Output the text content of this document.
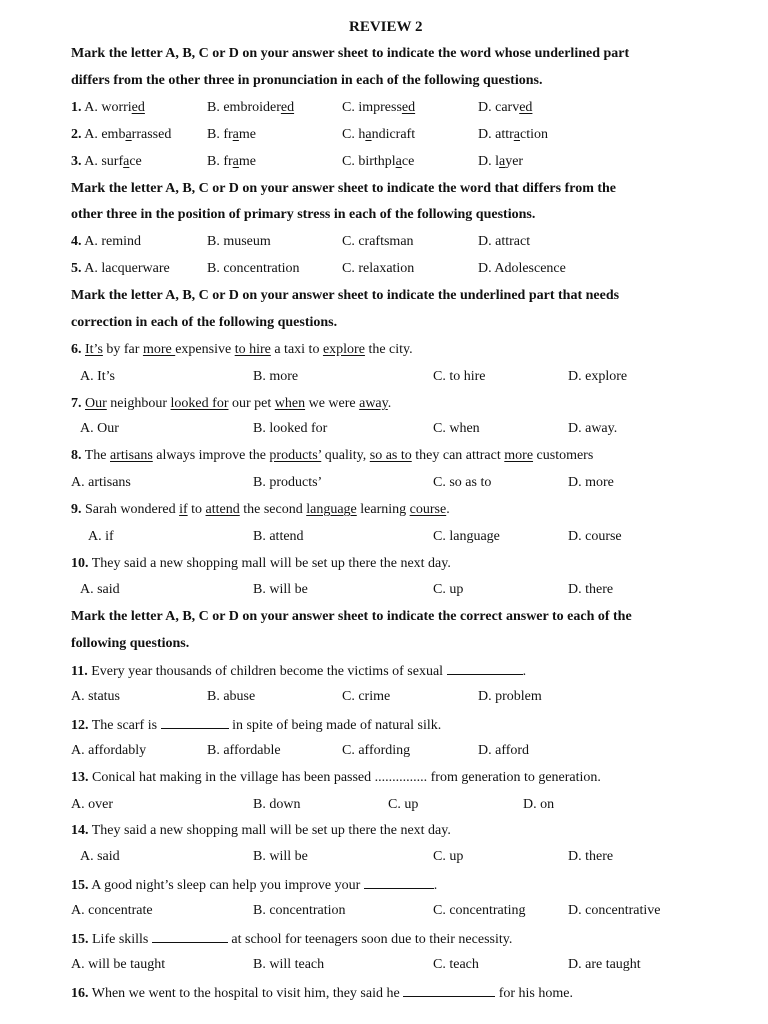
REVIEW 2
Mark the letter A, B, C or D on your answer sheet to indicate the word whose underlined part
differs from the other three in pronunciation in each of the following questions.
1. A. worried	B. embroidered	C. impressed	D. carved
2. A. embarrassed	B. frame	C. handicraft	D. attraction
3. A. surface	B. frame	C. birthplace	D. layer
Mark the letter A, B, C or D on your answer sheet to indicate the word that differs from the
other three in the position of primary stress in each of the following questions.
4. A. remind	B. museum	C. craftsman	D. attract
5. A. lacquerware	B. concentration	C. relaxation	D. Adolescence
Mark the letter A, B, C or D on your answer sheet to indicate the underlined part that needs
correction in each of the following questions.
6. It’s by far more expensive to hire a taxi to explore the city.
A. It’s	B. more	C. to hire	D. explore
7. Our neighbour looked for our pet when we were away.
A. Our	B. looked for	C. when	D. away.
8. The artisans always improve the products’ quality, so as to they can attract more customers
A. artisans	B. products’	C. so as to	D. more
9. Sarah wondered if to attend the second language learning course.
A. if	B. attend	C. language	D. course
10. They said a new shopping mall will be set up there the next day.
A. said	B. will be	C. up	D. there
Mark the letter A, B, C or D on your answer sheet to indicate the correct answer to each of the
following questions.
11. Every year thousands of children become the victims of sexual	.
A. status	B. abuse	C. crime	D. problem
12. The scarf is	in spite of being made of natural silk.
A. affordably	B. affordable	C. affording	D. afford
13. Conical hat making in the village has been passed ............... from generation to generation.
A. over	B. down	C. up	D. on
14. They said a new shopping mall will be set up there the next day.
A. said	B. will be	C. up	D. there
15. A good night’s sleep can help you improve your	.
A. concentrate	B. concentration	C. concentrating	D. concentrative
15. Life skills	at school for teenagers soon due to their necessity.
A. will be taught	B. will teach	C. teach	D. are taught
16. When we went to the hospital to visit him, they said he	for his home.
